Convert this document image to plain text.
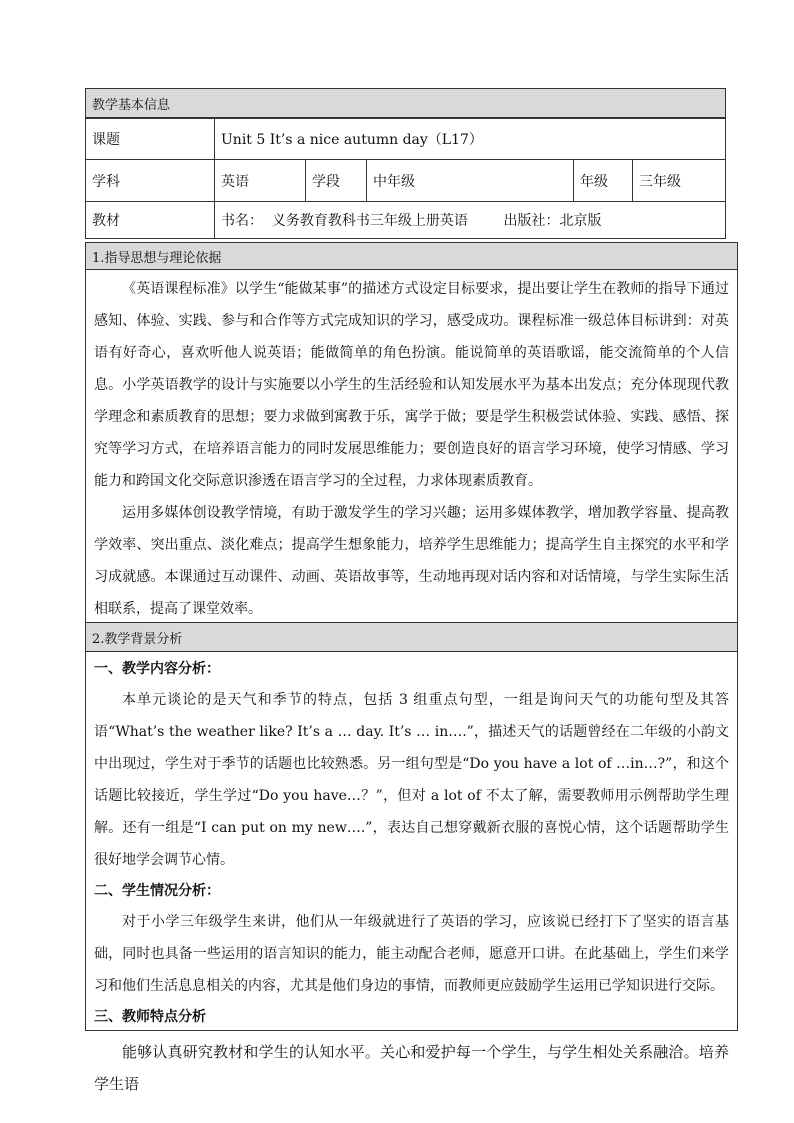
教学基本信息
课题	Unit 5 It’s a nice autumn day（L17）				
学科	英语	学段	中年级	年级	三年级
教材	书名：  义务教育教科书三年级上册英语        出版社：北京版				
1.指导思想与理论依据

《英语课程标准》以学生“能做某事”的描述方式设定目标要求，提出要让学生在教师的指导下通过感知、体验、实践、参与和合作等方式完成知识的学习，感受成功。课程标准一级总体目标讲到：对英语有好奇心，喜欢听他人说英语；能做简单的角色扮演。能说简单的英语歌谣，能交流简单的个人信息。小学英语教学的设计与实施要以小学生的生活经验和认知发展水平为基本出发点；充分体现现代教学理念和素质教育的思想；要力求做到寓教于乐，寓学于做；要是学生积极尝试体验、实践、感悟、探究等学习方式，在培养语言能力的同时发展思维能力；要创造良好的语言学习环境，使学习情感、学习能力和跨国文化交际意识渗透在语言学习的全过程，力求体现素质教育。

运用多媒体创设教学情境，有助于激发学生的学习兴趣；运用多媒体教学，增加教学容量、提高教学效率、突出重点、淡化难点；提高学生想象能力，培养学生思维能力；提高学生自主探究的水平和学习成就感。本课通过互动课件、动画、英语故事等，生动地再现对话内容和对话情境，与学生实际生活相联系，提高了课堂效率。

2.教学背景分析

一、教学内容分析：

本单元谈论的是天气和季节的特点，包括 3 组重点句型，一组是询问天气的功能句型及其答语“What’s the weather like? It’s a … day. It’s … in….”，描述天气的话题曾经在二年级的小韵文中出现过，学生对于季节的话题也比较熟悉。另一组句型是“Do you have a lot of …in…?”，和这个话题比较接近，学生学过“Do you have…？”，但对 a lot of 不太了解，需要教师用示例帮助学生理解。还有一组是“I can put on my new….”，表达自己想穿戴新衣服的喜悦心情，这个话题帮助学生很好地学会调节心情。

二、学生情况分析：

对于小学三年级学生来讲，他们从一年级就进行了英语的学习，应该说已经打下了坚实的语言基础，同时也具备一些运用的语言知识的能力，能主动配合老师，愿意开口讲。在此基础上，学生们来学习和他们生活息息相关的内容，尤其是他们身边的事情，而教师更应鼓励学生运用已学知识进行交际。

三、教师特点分析

能够认真研究教材和学生的认知水平。关心和爱护每一个学生，与学生相处关系融洽。培养学生语
